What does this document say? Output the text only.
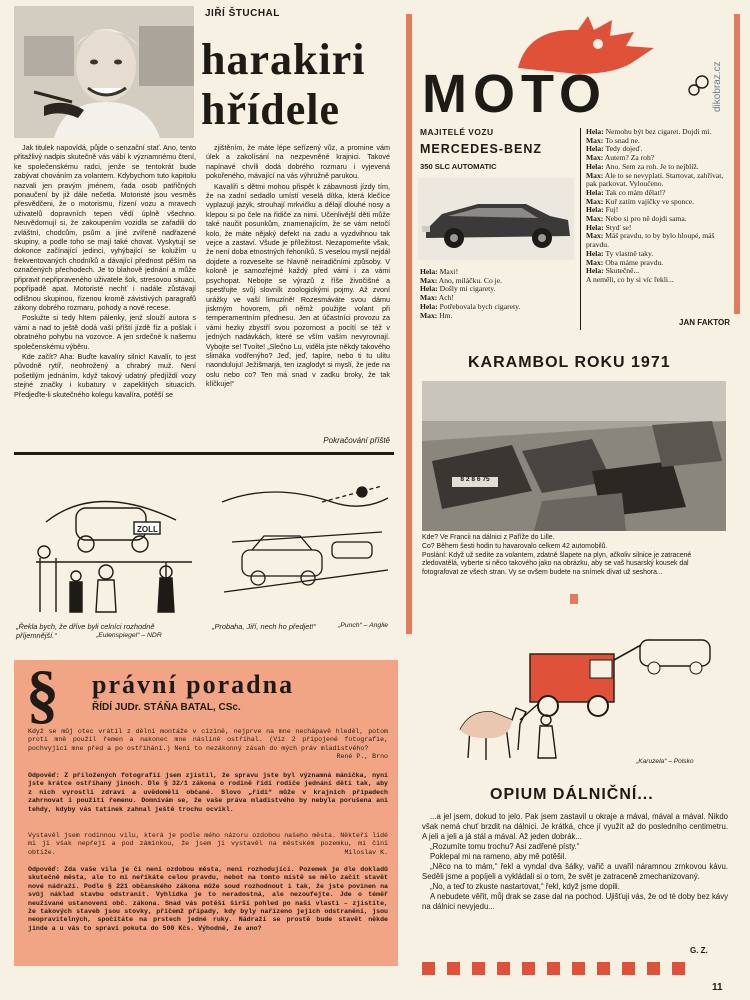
JIŘÍ ŠTUCHAL
harakiri
hřídele

Jak titulek napovídá, půjde o senzační stať. Ano, tento přitažlivý nadpis skutečně vás vábí k významnému čtení, ke společenskému radci, jenže se tentokrát bude zabývat chováním za volantem. Kdybychom tuto kapitolu nazvali jen pravým jménem, řada osob patřičných ponaučení by již dále nečetla. Motoristé jsou vesměs přesvědčeni, že o motorismu, řízení vozu a mravech uživatelů dopravních tepen vědí úplně všechno. Neuvědomují si, že zakoupením vozidla se zařadili do zvláštní, chodcům, psům a jiné zvířeně nadřazené skupiny, a podle toho se mají také chovat. Vyskytují se dokonce začínající jedinci, vyhýbající se kolužím u frekventovaných chodníků a dávající přednost pěším na označených přechodech. Je to blahově jednání a může připravit nepřipraveného uživatele šok, stresovou situaci, popřípadě apat. Motoristé nechť i nadále zůstávají odlišnou skupinou, řízenou kromě závistivých paragrafů zákony dobrého rozmaru, pohody a nové recese.

Poslužte si tedy hltem pálenky, jenž slouží autora s vámi a nad to ještě dodá vaší příští jízdě fíz a pošlak i obratného pohybu na vozovce. A jen srdečné k našemu společenskému výběru.

Kde začít? Aha: Buďte kavalíry silnic! Kavalír, to jest původně rytíř, neohrožený a chrabrý muž. Není pošetilým jednáním, když takový udatný předjíždí vozy stejné značky i kubatury v zapeklitých situacích. Předjeďte-li skutečného kolegu kavalíra, potěší se

zjištěním, že máte lépe seřízený vůz, a promine vám úlek a zakolísání na nezpevněné krajnici. Takové napínavé chvíli dodá dobrého rozmaru i vyjevená pokořeného, mávající na vás výhružně parukou.

Kavalíři s dětmi mohou přispět k zábavnosti jízdy tím, že na zadní sedadlo umístí veselá dítka, která klečíce vyplazují jazyk, strouhají mrkvičku a dělají dlouhé nosy a klepou si po čele na řidiče za nimi. Učenlivější děti může také naučit posunkům, znamenajícím, že se vám netočí kolo, že máte nějaký defekt na zadu a vyzdvihnou tak vejce a zastaví. Všude je příležitost. Nezapomeňte však, že není doba etnostných řehoníků. S veselou myslí nejdál dojdete a rozveselte se hlavně neiradičními způsoby. V koloně je samozřejmé každý před vámi i za vámi psychopat. Nebojte se výrazů z říše živočišné a spestřujte svůj slovník zoologickými pojmy. Až zvoní urážky ve vaší limuzíně! Rozesmáváte svou dámu jiskrným hovorem, při němž použijte volant při temperamentním přednesu. Jen at účastníci provozu za vámi hezky zbystří svou pozornost a pocítí se též v jedných nadávkách, které se vším vaším nevyrovnají. Vybojte se! Tvoíte! „Slečno Lu, viděla jste někdy takového slimáka vodřenýho? Jeď, jeď, tapíre, nebo ti tu ulitu naonduluju! Ježišmarjá, ten izaglodyt si myslí, že jede na oslu nebo co? Ten má snad v zadku broky, že tak klíčkuje!“

Pokračování příště
ZOLL
„Řekla bych, že dříve byli celníci rozhodně příjemnější.“	„Eulenspiegel“ – NDR
„Probaha, Jiří, nech ho předjet!“	„Punch“ – Anglie
§ právní poradna
ŘÍDÍ JUDr. STÁŇA BATAL, CSc.
Když se můj otec vrátil z dělní montáže v cizině, nejprve na mne nechápavě hleděl, potom proti mně použil řemen a nakonec mne náslině ostříhal. (Viz 2 připojené fotografie, pochvyjicí mne před a po ostříhání.) Není to nezákonný zásah do mých práv mladistvého?
René P., Brno
Odpověď: Z přiložených fotografií jsem zjistil, že spravu jste byl významná mánička, nyní jste krátce ostříhaný jinoch. Dle § 32/1 zákona o rodině řídí rodiče jednání dětí tak, aby z nich vyrostli zdraví a uvědomělí občané. Slovo „řídí“ může v krajních případech zahrnovat i použití řemenu. Domnívám se, že vaše práva mladistvého by nebyla porušena ani tehdy, kdyby vás tatínek zahnal ještě trochu ocvikl.
Vystavěl jsem rodinnou vilu, která je podle mého názoru ozdobou našeho města. Někteří lidé mi ji však nepřejí a pod záminkou, že jsem ji vystavěl na městském pozemku, mi činí obtíže.	Miloslav K.
Odpověď: Zda vaše vila je či není ozdobou města, není rozhodující. Pozemek je dle dokladů skutečně města, ale to mi neříkáte celou pravdu, nebot na tomto místě se mělo začít stavět nové nádraží. Podle § 221 občanského zákona může soud rozhodnout i tak, že jste povinen na svůj náklad stavbu odstranit. Vyhlídka je to neradostná, ale nezoufejte. Jde o téměř neužívané ustanovení obč. zákona. Snad vás potěší širší pohled po naší vlasti – zjistíte, že takových staveb jsou stovky, příčemž případy, kdy byly nařízeno jejich odstranění, jsou neopravitelných, spočítáte na prstech jedné ruky. Nádraží se prostě bude stavět někde jinde a u vás to spraví pokuta do 500 Kčs. Výhodně, že ano?
dikobraz.cz
MOTO
MAJITELÉ VOZU
MERCEDES-BENZ
350 SLC AUTOMATIC
Hela: Maxi!
Max: Ano, miláčku. Co je.
Hela: Došly mi cigarety.
Max: Ach!
Hela: Potřebovala bych cigarety.
Max: Hm.
Hela: Nemohu být bez cigaret. Dojdi mi.
Max: To snad ne.
Hela: Tedy dojeď.
Max: Autem? Za roh?
Hela: Ano. Sem za roh. Je to nejblíž.
Max: Ale to se nevyplatí. Startovat, zahřívat, pak parkovat. Vyloučeno.
Hela: Tak co mám dělat!?
Max: Kuř zatím vajíčky ve sponce.
Hela: Fuj!
Max: Nebo si pro ně dojdi sama.
Hela: Styď se!
Max: Máš pravdu, to by bylo hloupé, máš pravdu.
Hela: Ty vlastně taky.
Max: Oba máme pravdu.
Hela: Skutečně...
A neměli, co by si víc řekli...
JAN FAKTOR
KARAMBOL ROKU 1971
8 2 8 6 75
Kde? Ve Francii na dálnici z Paříže do Lille.
Co? Během šesti hodin tu havarovalo celkem 42 automobilů.
Poslání: Když už sedíte za volantem, zdatně šlapete na plyn, ačkoliv silnice je zatracené zledovatělá, vyberte si něco takového jako na obrázku, aby se vaš husarský kousek dal fotografovat ze všech stran. Vy se ovšem budete na snímek dívat už seshora...
„Karuzela“ – Polsko
OPIUM DÁLNIČNÍ...

...a jel jsem, dokud to jelo. Pak jsem zastavil u okraje a mával, mával a mával. Nikdo však nemá chuť brzdit na dálnici. Je krátká, chce jí využít až do posledního centimetru. A jeli a jeli a já stál a mával. Až jeden dobrák...

„Rozumíte tomu trochu? Asi zadřené písty.“

Poklepal mi na rameno, aby mě potěšil.

„Něco na to mám,“ řekl a vyndal dva šálky, vařič a uvařil náramnou zrnkovou kávu. Seděli jsme a popíjeli a vykládali si o tom, že svět je zatraceně zmechanizovaný.

„No, a teď to zkuste nastartovat,“ řekl, když jsme dopili.

A nebudete věřit, můj drak se zase dal na pochod. Ujišťuji vás, že od té doby bez kávy na dálnici nevyjedu...

G. Z.
11
